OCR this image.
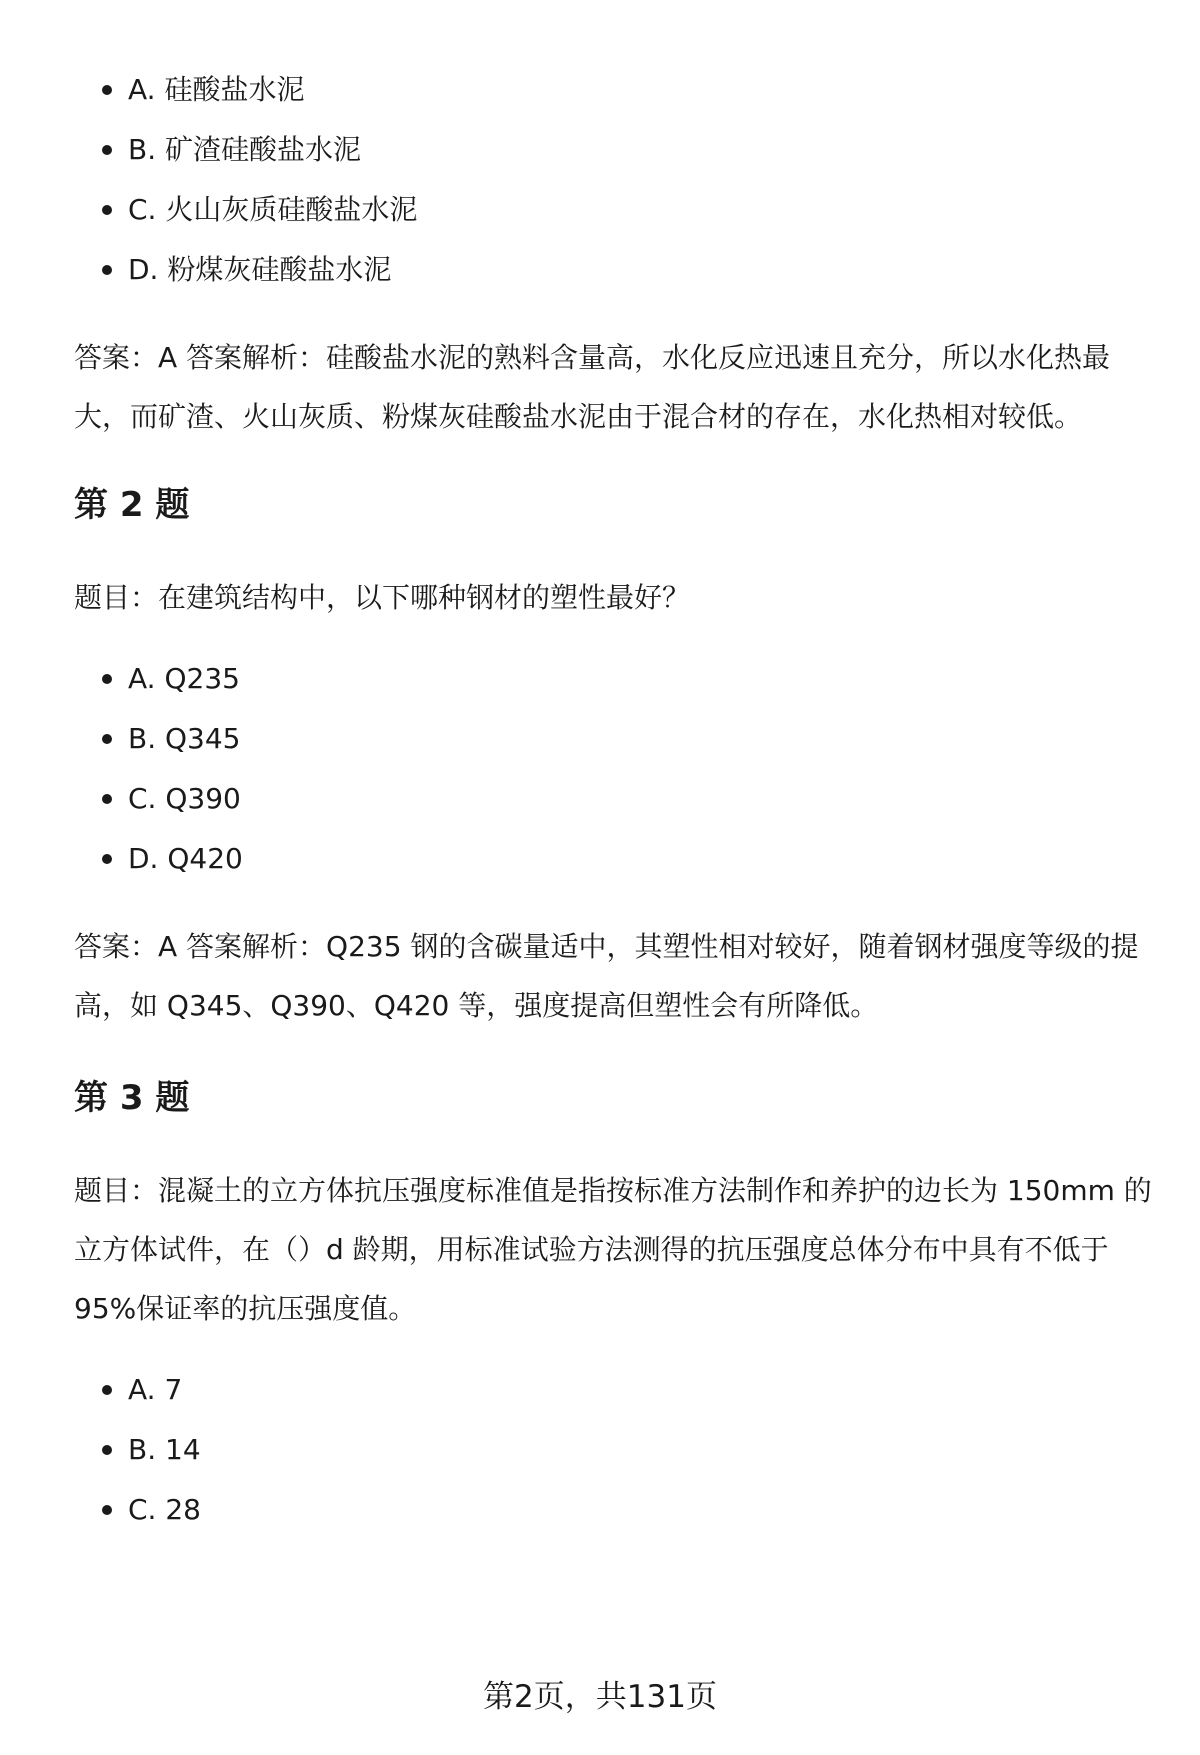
A. 硅酸盐水泥
B. 矿渣硅酸盐水泥
C. 火山灰质硅酸盐水泥
D. 粉煤灰硅酸盐水泥

答案：A 答案解析：硅酸盐水泥的熟料含量高，水化反应迅速且充分，所以水化热最大，而矿渣、火山灰质、粉煤灰硅酸盐水泥由于混合材的存在，水化热相对较低。

第 2 题

题目：在建筑结构中，以下哪种钢材的塑性最好？

A. Q235
B. Q345
C. Q390
D. Q420

答案：A 答案解析：Q235 钢的含碳量适中，其塑性相对较好，随着钢材强度等级的提高，如 Q345、Q390、Q420 等，强度提高但塑性会有所降低。

第 3 题

题目：混凝土的立方体抗压强度标准值是指按标准方法制作和养护的边长为 150mm 的立方体试件，在（）d 龄期，用标准试验方法测得的抗压强度总体分布中具有不低于 95%保证率的抗压强度值。

A. 7
B. 14
C. 28
第2页，共131页
